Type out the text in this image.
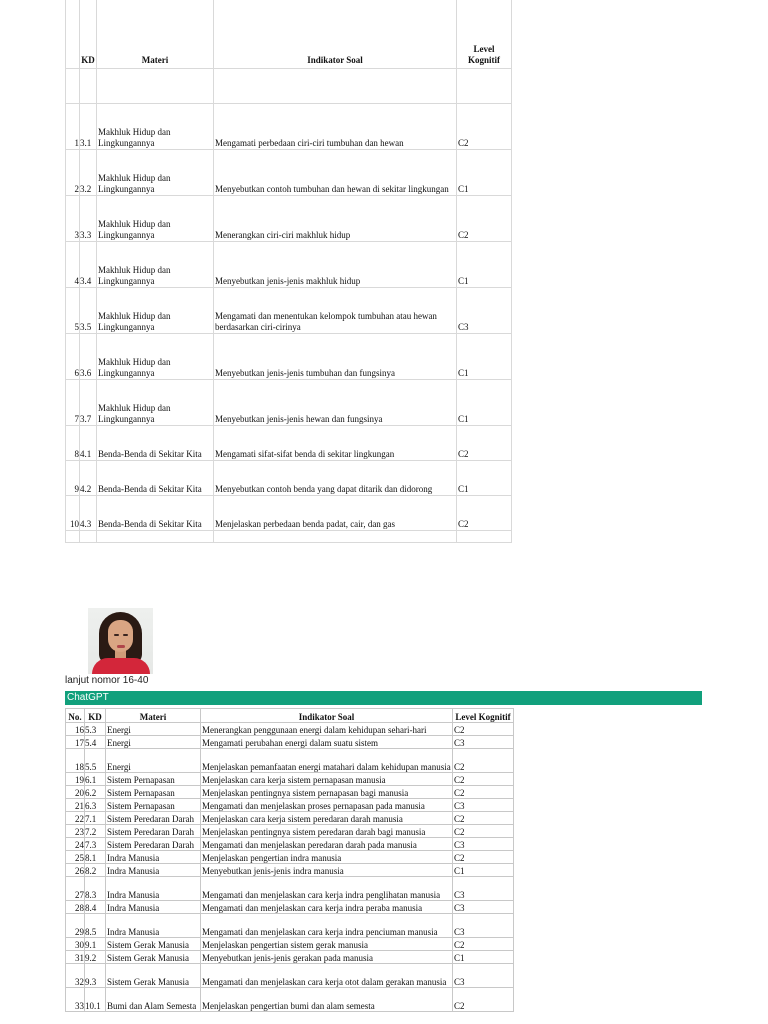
	KD	Materi	Indikator Soal	Level Kognitif

1	3.1	Makhluk Hidup dan Lingkungannya	Mengamati perbedaan ciri-ciri tumbuhan dan hewan	C2
2	3.2	Makhluk Hidup dan Lingkungannya	Menyebutkan contoh tumbuhan dan hewan di sekitar lingkungan	C1
3	3.3	Makhluk Hidup dan Lingkungannya	Menerangkan ciri-ciri makhluk hidup	C2
4	3.4	Makhluk Hidup dan Lingkungannya	Menyebutkan jenis-jenis makhluk hidup	C1
5	3.5	Makhluk Hidup dan Lingkungannya	Mengamati dan menentukan kelompok tumbuhan atau hewan berdasarkan ciri-cirinya	C3
6	3.6	Makhluk Hidup dan Lingkungannya	Menyebutkan jenis-jenis tumbuhan dan fungsinya	C1
7	3.7	Makhluk Hidup dan Lingkungannya	Menyebutkan jenis-jenis hewan dan fungsinya	C1
8	4.1	Benda-Benda di Sekitar Kita	Mengamati sifat-sifat benda di sekitar lingkungan	C2
9	4.2	Benda-Benda di Sekitar Kita	Menyebutkan contoh benda yang dapat ditarik dan didorong	C1
10	4.3	Benda-Benda di Sekitar Kita	Menjelaskan perbedaan benda padat, cair, dan gas	C2

lanjut nomor 16-40
ChatGPT
No.	KD	Materi	Indikator Soal	Level Kognitif
16	5.3	Energi	Menerangkan penggunaan energi dalam kehidupan sehari-hari	C2
17	5.4	Energi	Mengamati perubahan energi dalam suatu sistem	C3
18	5.5	Energi	Menjelaskan pemanfaatan energi matahari dalam kehidupan manusia	C2
19	6.1	Sistem Pernapasan	Menjelaskan cara kerja sistem pernapasan manusia	C2
20	6.2	Sistem Pernapasan	Menjelaskan pentingnya sistem pernapasan bagi manusia	C2
21	6.3	Sistem Pernapasan	Mengamati dan menjelaskan proses pernapasan pada manusia	C3
22	7.1	Sistem Peredaran Darah	Menjelaskan cara kerja sistem peredaran darah manusia	C2
23	7.2	Sistem Peredaran Darah	Menjelaskan pentingnya sistem peredaran darah bagi manusia	C2
24	7.3	Sistem Peredaran Darah	Mengamati dan menjelaskan peredaran darah pada manusia	C3
25	8.1	Indra Manusia	Menjelaskan pengertian indra manusia	C2
26	8.2	Indra Manusia	Menyebutkan jenis-jenis indra manusia	C1
27	8.3	Indra Manusia	Mengamati dan menjelaskan cara kerja indra penglihatan manusia	C3
28	8.4	Indra Manusia	Mengamati dan menjelaskan cara kerja indra peraba manusia	C3
29	8.5	Indra Manusia	Mengamati dan menjelaskan cara kerja indra penciuman manusia	C3
30	9.1	Sistem Gerak Manusia	Menjelaskan pengertian sistem gerak manusia	C2
31	9.2	Sistem Gerak Manusia	Menyebutkan jenis-jenis gerakan pada manusia	C1
32	9.3	Sistem Gerak Manusia	Mengamati dan menjelaskan cara kerja otot dalam gerakan manusia	C3
33	10.1	Bumi dan Alam Semesta	Menjelaskan pengertian bumi dan alam semesta	C2
